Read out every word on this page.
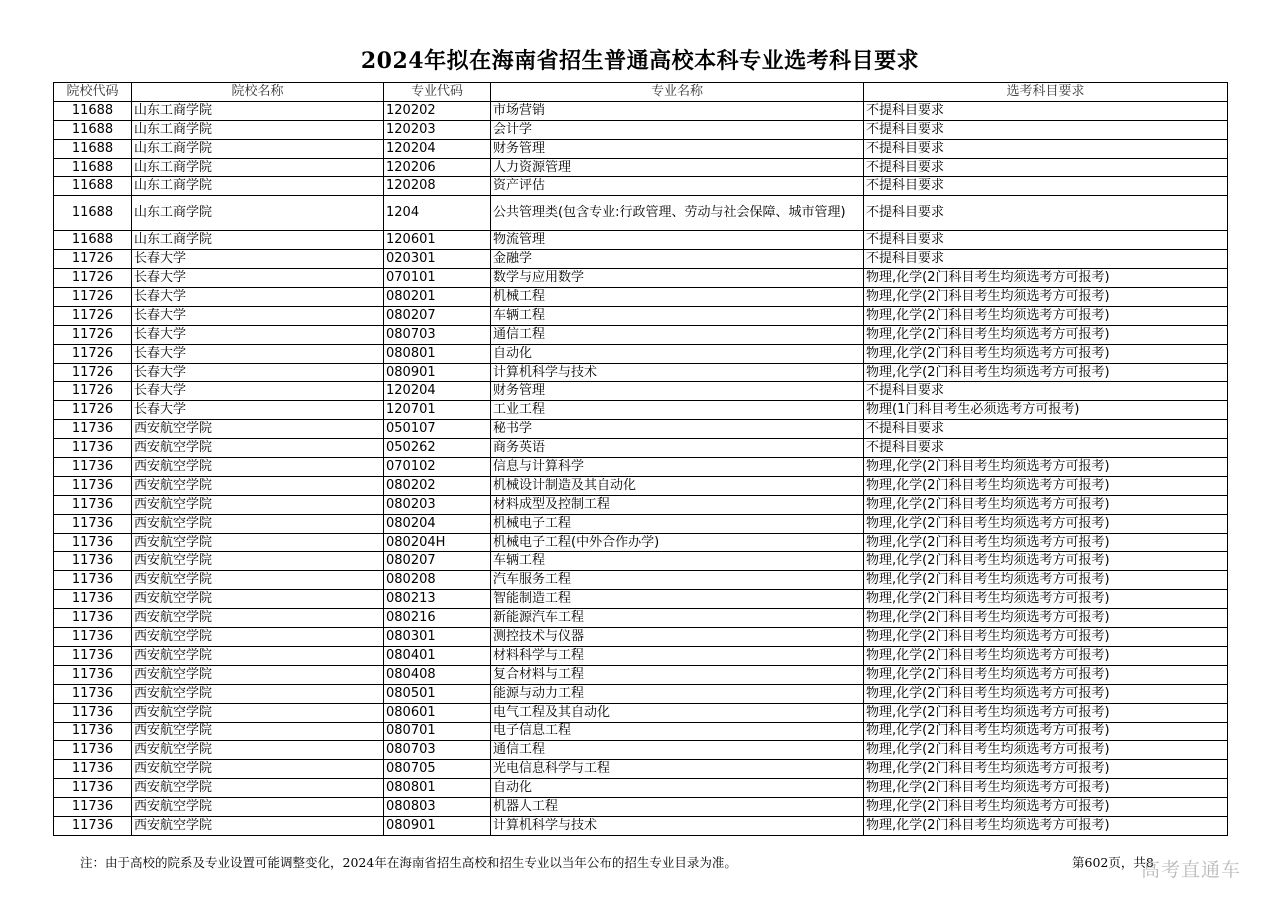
2024年拟在海南省招生普通高校本科专业选考科目要求
院校代码	院校名称	专业代码	专业名称	选考科目要求
11688	山东工商学院	120202	市场营销	不提科目要求
11688	山东工商学院	120203	会计学	不提科目要求
11688	山东工商学院	120204	财务管理	不提科目要求
11688	山东工商学院	120206	人力资源管理	不提科目要求
11688	山东工商学院	120208	资产评估	不提科目要求
11688	山东工商学院	1204	公共管理类(包含专业:行政管理、劳动与社会保障、城市管理)	不提科目要求
11688	山东工商学院	120601	物流管理	不提科目要求
11726	长春大学	020301	金融学	不提科目要求
11726	长春大学	070101	数学与应用数学	物理,化学(2门科目考生均须选考方可报考)
11726	长春大学	080201	机械工程	物理,化学(2门科目考生均须选考方可报考)
11726	长春大学	080207	车辆工程	物理,化学(2门科目考生均须选考方可报考)
11726	长春大学	080703	通信工程	物理,化学(2门科目考生均须选考方可报考)
11726	长春大学	080801	自动化	物理,化学(2门科目考生均须选考方可报考)
11726	长春大学	080901	计算机科学与技术	物理,化学(2门科目考生均须选考方可报考)
11726	长春大学	120204	财务管理	不提科目要求
11726	长春大学	120701	工业工程	物理(1门科目考生必须选考方可报考)
11736	西安航空学院	050107	秘书学	不提科目要求
11736	西安航空学院	050262	商务英语	不提科目要求
11736	西安航空学院	070102	信息与计算科学	物理,化学(2门科目考生均须选考方可报考)
11736	西安航空学院	080202	机械设计制造及其自动化	物理,化学(2门科目考生均须选考方可报考)
11736	西安航空学院	080203	材料成型及控制工程	物理,化学(2门科目考生均须选考方可报考)
11736	西安航空学院	080204	机械电子工程	物理,化学(2门科目考生均须选考方可报考)
11736	西安航空学院	080204H	机械电子工程(中外合作办学)	物理,化学(2门科目考生均须选考方可报考)
11736	西安航空学院	080207	车辆工程	物理,化学(2门科目考生均须选考方可报考)
11736	西安航空学院	080208	汽车服务工程	物理,化学(2门科目考生均须选考方可报考)
11736	西安航空学院	080213	智能制造工程	物理,化学(2门科目考生均须选考方可报考)
11736	西安航空学院	080216	新能源汽车工程	物理,化学(2门科目考生均须选考方可报考)
11736	西安航空学院	080301	测控技术与仪器	物理,化学(2门科目考生均须选考方可报考)
11736	西安航空学院	080401	材料科学与工程	物理,化学(2门科目考生均须选考方可报考)
11736	西安航空学院	080408	复合材料与工程	物理,化学(2门科目考生均须选考方可报考)
11736	西安航空学院	080501	能源与动力工程	物理,化学(2门科目考生均须选考方可报考)
11736	西安航空学院	080601	电气工程及其自动化	物理,化学(2门科目考生均须选考方可报考)
11736	西安航空学院	080701	电子信息工程	物理,化学(2门科目考生均须选考方可报考)
11736	西安航空学院	080703	通信工程	物理,化学(2门科目考生均须选考方可报考)
11736	西安航空学院	080705	光电信息科学与工程	物理,化学(2门科目考生均须选考方可报考)
11736	西安航空学院	080801	自动化	物理,化学(2门科目考生均须选考方可报考)
11736	西安航空学院	080803	机器人工程	物理,化学(2门科目考生均须选考方可报考)
11736	西安航空学院	080901	计算机科学与技术	物理,化学(2门科目考生均须选考方可报考)
注：由于高校的院系及专业设置可能调整变化，2024年在海南省招生高校和招生专业以当年公布的招生专业目录为准。	第602页，共8
高考直通车
